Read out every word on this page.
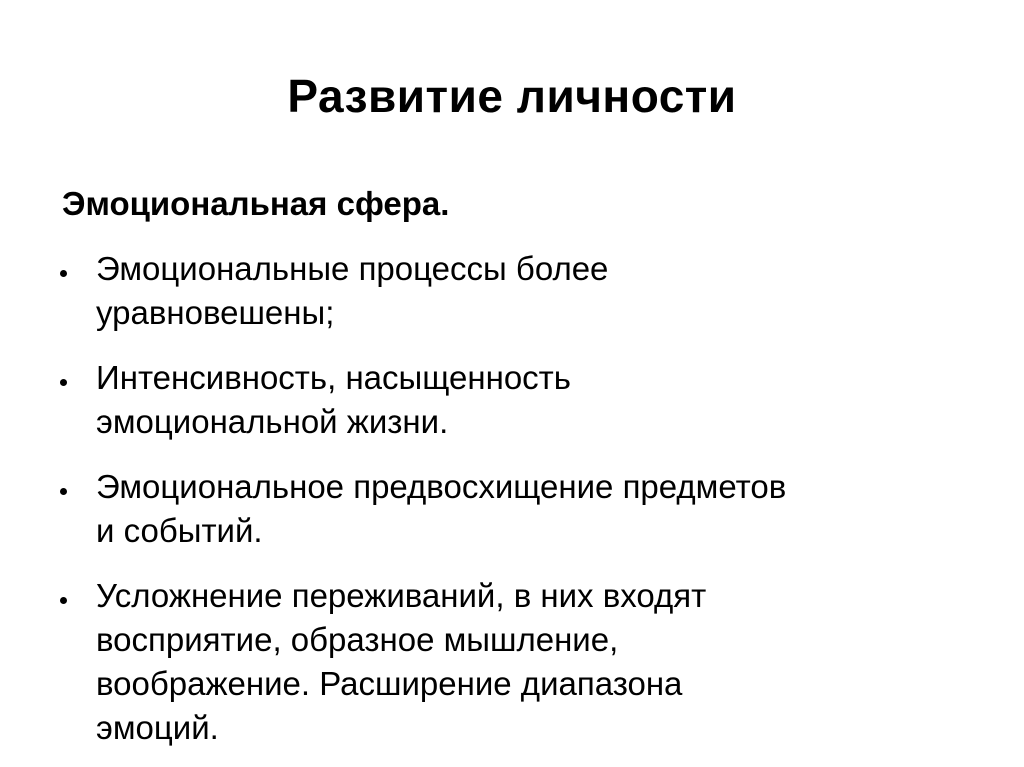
Развитие личности
Эмоциональная сфера.
Эмоциональные процессы более
уравновешены;
Интенсивность, насыщенность
эмоциональной жизни.
Эмоциональное предвосхищение предметов
и событий.
Усложнение переживаний, в них входят
восприятие, образное мышление,
воображение. Расширение диапазона
эмоций.
